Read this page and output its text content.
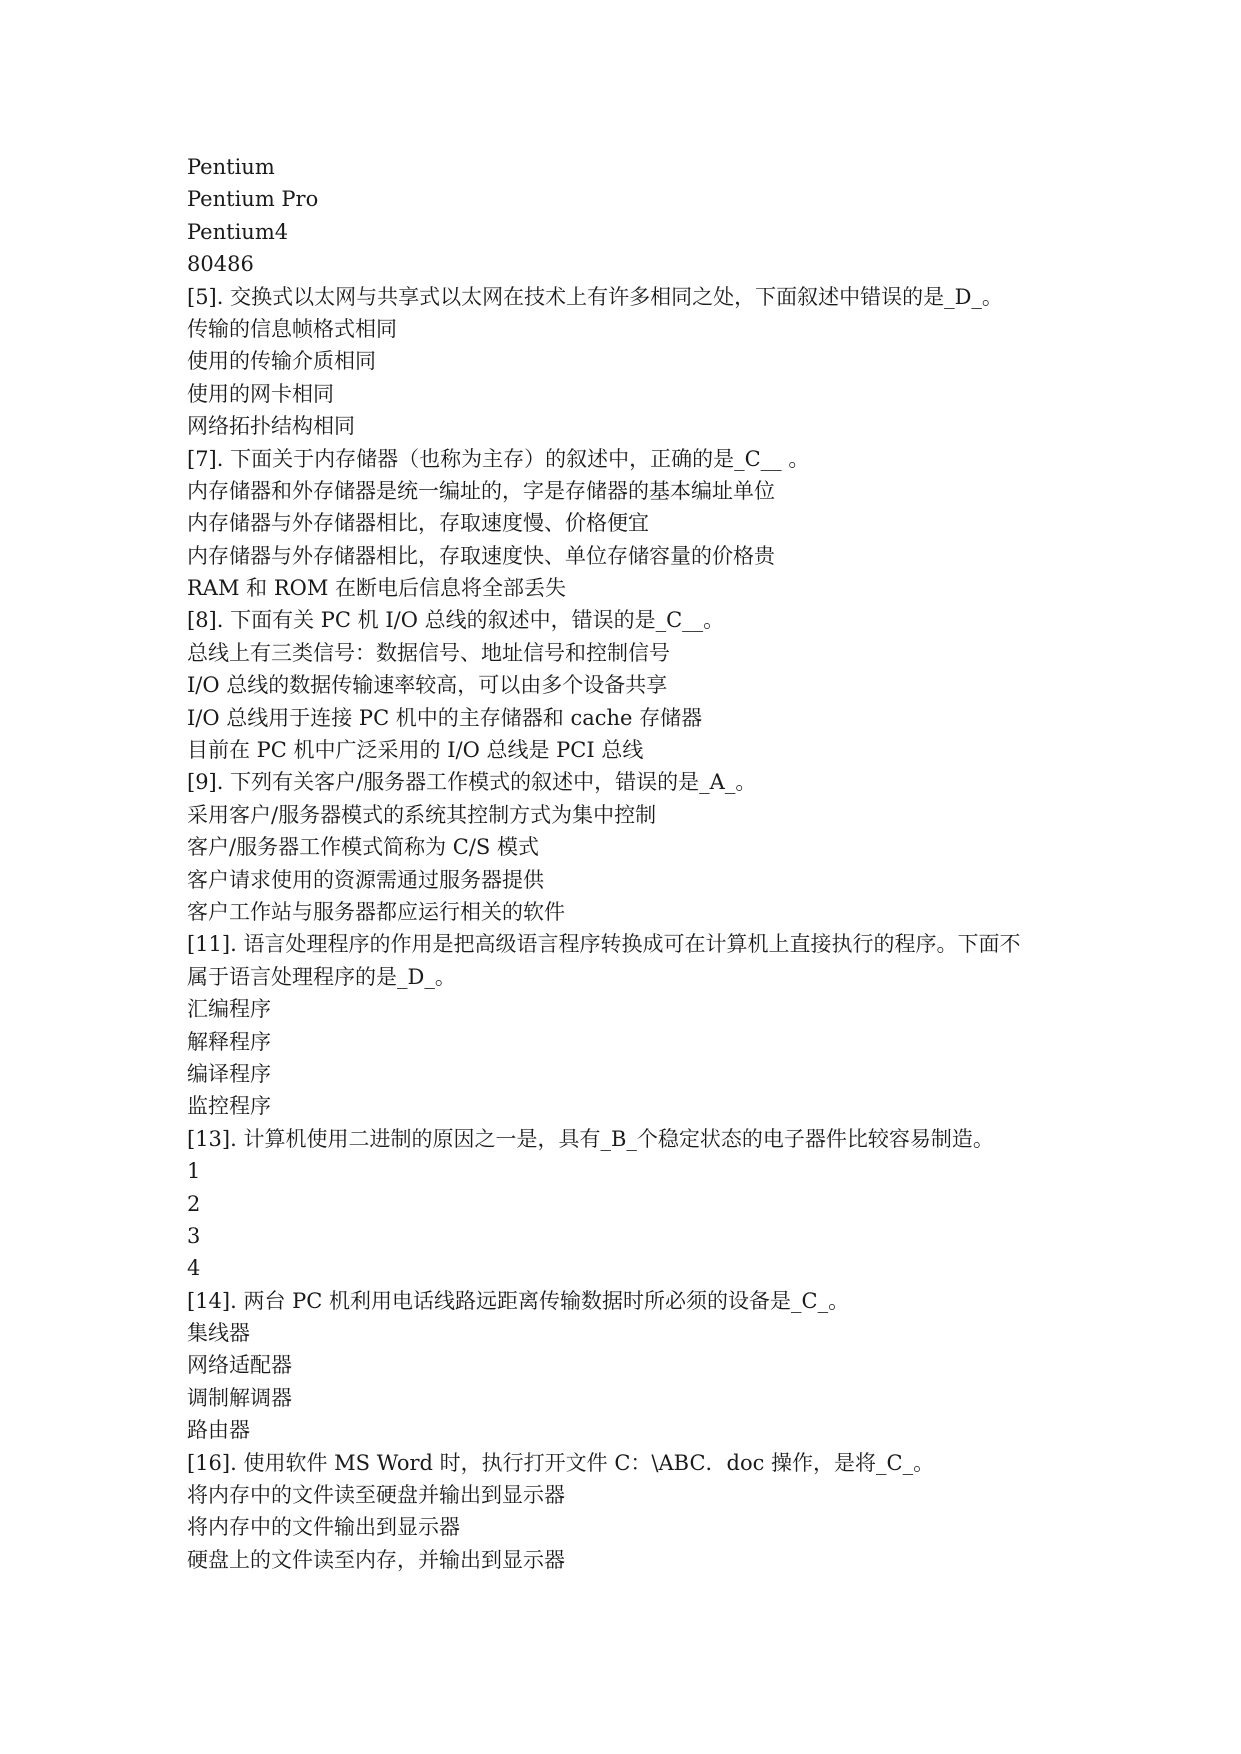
Pentium
Pentium Pro
Pentium4
80486
[5]. 交换式以太网与共享式以太网在技术上有许多相同之处，下面叙述中错误的是_D_。
传输的信息帧格式相同
使用的传输介质相同
使用的网卡相同
网络拓扑结构相同
[7]. 下面关于内存储器（也称为主存）的叙述中，正确的是_C__ 。
内存储器和外存储器是统一编址的，字是存储器的基本编址单位
内存储器与外存储器相比，存取速度慢、价格便宜
内存储器与外存储器相比，存取速度快、单位存储容量的价格贵
RAM 和 ROM 在断电后信息将全部丢失
[8]. 下面有关 PC 机 I/O 总线的叙述中，错误的是_C__。
总线上有三类信号：数据信号、地址信号和控制信号
I/O 总线的数据传输速率较高，可以由多个设备共享
I/O 总线用于连接 PC 机中的主存储器和 cache 存储器
目前在 PC 机中广泛采用的 I/O 总线是 PCI 总线
[9]. 下列有关客户/服务器工作模式的叙述中，错误的是_A_。
采用客户/服务器模式的系统其控制方式为集中控制
客户/服务器工作模式简称为 C/S 模式
客户请求使用的资源需通过服务器提供
客户工作站与服务器都应运行相关的软件
[11]. 语言处理程序的作用是把高级语言程序转换成可在计算机上直接执行的程序。下面不
属于语言处理程序的是_D_。
汇编程序
解释程序
编译程序
监控程序
[13]. 计算机使用二进制的原因之一是，具有_B_个稳定状态的电子器件比较容易制造。
1
2
3
4
[14]. 两台 PC 机利用电话线路远距离传输数据时所必须的设备是_C_。
集线器
网络适配器
调制解调器
路由器
[16]. 使用软件 MS Word 时，执行打开文件 C：\ABC．doc 操作，是将_C_。
将内存中的文件读至硬盘并输出到显示器
将内存中的文件输出到显示器
硬盘上的文件读至内存，并输出到显示器
